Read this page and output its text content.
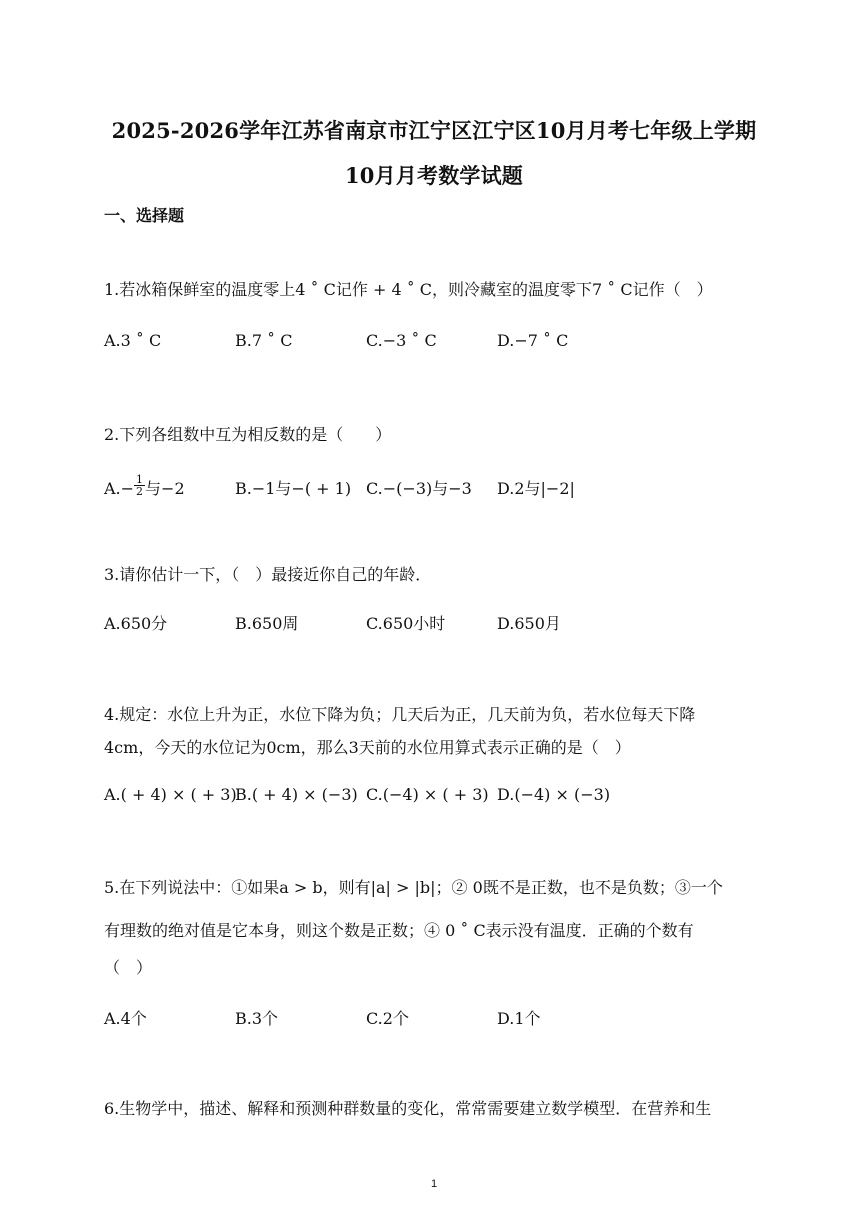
2025-2026学年江苏省南京市江宁区江宁区10月月考七年级上学期
10月月考数学试题
一、选择题
1.若冰箱保鲜室的温度零上4 ˚ C记作 + 4 ˚ C，则冷藏室的温度零下7 ˚ C记作（　）
A.3 ˚ C	B.7 ˚ C	C.−3 ˚ C	D.−7 ˚ C
2.下列各组数中互为相反数的是（　　）
$A.- \frac{1}{2}$ 与−2	B.−1与−( + 1) C.−(−3)与−3 D.2与|−2|
3.请你估计一下，（　）最接近你自己的年龄．
A.650分	B.650周	C.650小时	D.650月
4.规定：水位上升为正，水位下降为负；几天后为正，几天前为负，若水位每天下降
4cm，今天的水位记为0cm，那么3天前的水位用算式表示正确的是（　）
A.( + 4) × ( + 3)
B.( + 4) × (−3) C.(−4) × ( + 3) D.(−4) × (−3)
5.在下列说法中：①如果a > b，则有|a| > |b|；② 0既不是正数，也不是负数；③一个
有理数的绝对值是它本身，则这个数是正数；④ 0 ˚ C表示没有温度．正确的个数有
（　）
A.4个	B.3个	C.2个	D.1个
6.生物学中，描述、解释和预测种群数量的变化，常常需要建立数学模型．在营养和生
1
